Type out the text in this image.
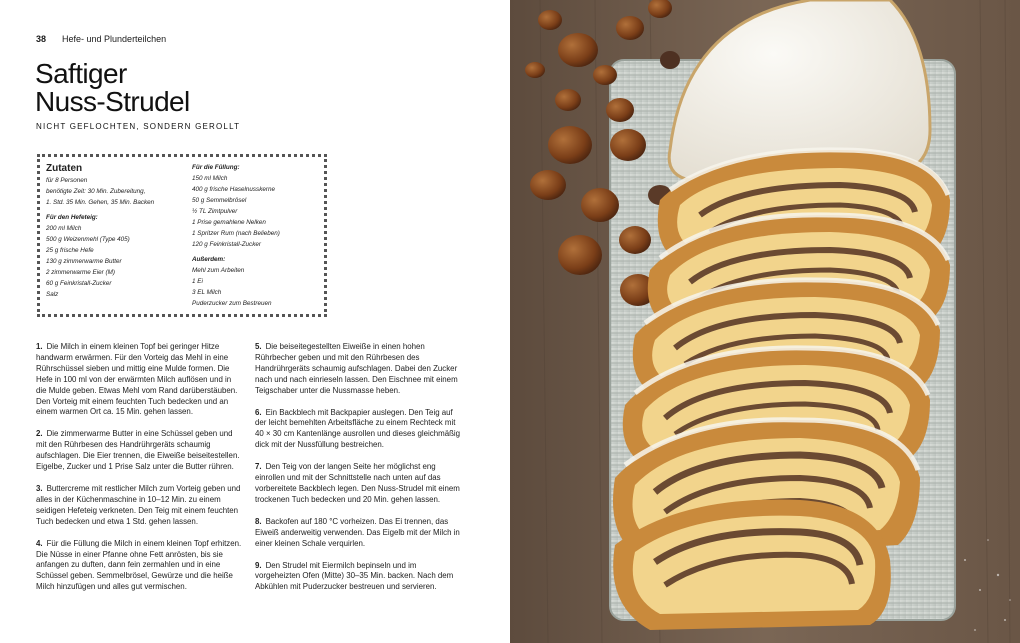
38 Hefe- und Plunderteilchen
Saftiger
Nuss-Strudel
NICHT GEFLOCHTEN, SONDERN GEROLLT
Zutaten
für 8 Personen
benötigte Zeit: 30 Min. Zubereitung,
1. Std. 35 Min. Gehen, 35 Min. Backen
Für den Hefeteig:
200 ml Milch
500 g Weizenmehl (Type 405)
25 g frische Hefe
130 g zimmerwarme Butter
2 zimmerwarme Eier (M)
60 g Feinkristall-Zucker
Salz
Für die Füllung:
150 ml Milch
400 g frische Haselnusskerne
50 g Semmelbrösel
½ TL Zimtpulver
1 Prise gemahlene Nelken
1 Spritzer Rum (nach Belieben)
120 g Feinkristall-Zucker
Außerdem:
Mehl zum Arbeiten
1 Ei
3 EL Milch
Puderzucker zum Bestreuen

1. Die Milch in einem kleinen Topf bei geringer Hitze handwarm erwärmen. Für den Vorteig das Mehl in eine Rührschüssel sieben und mittig eine Mulde formen. Die Hefe in 100 ml von der erwärmten Milch auflösen und in die Mulde geben. Etwas Mehl vom Rand darüberstäuben. Den Vorteig mit einem feuchten Tuch bedecken und an einem warmen Ort ca. 15 Min. gehen lassen.

2. Die zimmerwarme Butter in eine Schüssel geben und mit den Rührbesen des Handrührgeräts schaumig aufschlagen. Die Eier trennen, die Eiweiße beiseitestellen. Eigelbe, Zucker und 1 Prise Salz unter die Butter rühren.

3. Buttercreme mit restlicher Milch zum Vorteig geben und alles in der Küchenmaschine in 10–12 Min. zu einem seidigen Hefeteig verkneten. Den Teig mit einem feuchten Tuch bedecken und etwa 1 Std. gehen lassen.

4. Für die Füllung die Milch in einem kleinen Topf erhitzen. Die Nüsse in einer Pfanne ohne Fett anrösten, bis sie anfangen zu duften, dann fein zermahlen und in eine Schüssel geben. Semmelbrösel, Gewürze und die heiße Milch hinzufügen und alles gut vermischen.

5. Die beiseitegestellten Eiweiße in einen hohen Rührbecher geben und mit den Rührbesen des Handrührgeräts schaumig aufschlagen. Dabei den Zucker nach und nach einrieseln lassen. Den Eischnee mit einem Teigschaber unter die Nussmasse heben.

6. Ein Backblech mit Backpapier auslegen. Den Teig auf der leicht bemehlten Arbeitsfläche zu einem Rechteck mit 40 × 30 cm Kantenlänge ausrollen und dieses gleichmäßig dick mit der Nussfüllung bestreichen.

7. Den Teig von der langen Seite her möglichst eng einrollen und mit der Schnittstelle nach unten auf das vorbereitete Backblech legen. Den Nuss-Strudel mit einem trockenen Tuch bedecken und 20 Min. gehen lassen.

8. Backofen auf 180 °C vorheizen. Das Ei trennen, das Eiweiß anderweitig verwenden. Das Eigelb mit der Milch in einer kleinen Schale verquirlen.

9. Den Strudel mit Eiermilch bepinseln und im vorgeheizten Ofen (Mitte) 30–35 Min. backen. Nach dem Abkühlen mit Puderzucker bestreuen und servieren.
